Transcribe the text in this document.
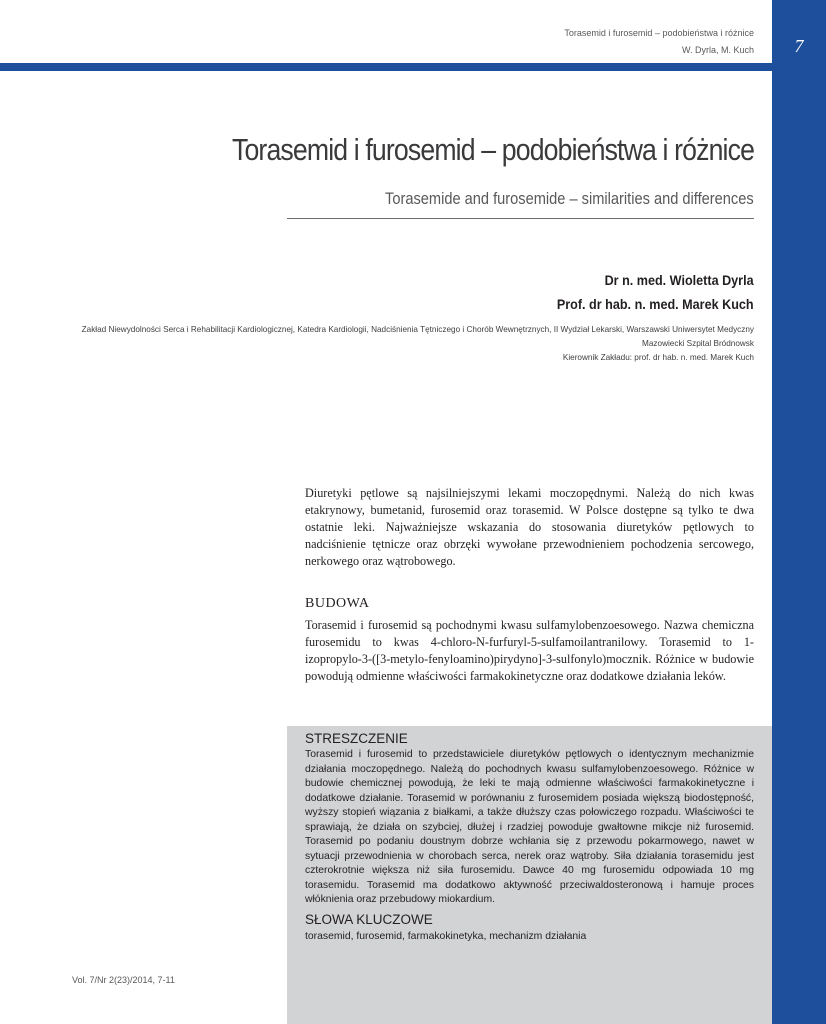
7
Torasemid i furosemid – podobieństwa i różnice
W. Dyrla, M. Kuch
Torasemid i furosemid – podobieństwa i różnice
Torasemide and furosemide – similarities and differences
Dr n. med. Wioletta Dyrla
Prof. dr hab. n. med. Marek Kuch
Zakład Niewydolności Serca i Rehabilitacji Kardiologicznej, Katedra Kardiologii, Nadciśnienia Tętniczego i Chorób Wewnętrznych, II Wydział Lekarski, Warszawski Uniwersytet Medyczny
Mazowiecki Szpital Bródnowsk
Kierownik Zakładu: prof. dr hab. n. med. Marek Kuch

Diuretyki pętlowe są najsilniejszymi lekami moczopędnymi. Należą do nich kwas etakrynowy, bumetanid, furosemid oraz torasemid. W Polsce dostępne są tylko te dwa ostatnie leki. Najważniejsze wskazania do stosowania diuretyków pętlowych to nadciśnienie tętnicze oraz obrzęki wywołane przewodnieniem pochodzenia sercowego, nerkowego oraz wątrobowego.

BUDOWA

Torasemid i furosemid są pochodnymi kwasu sulfamylobenzoesowego. Nazwa chemiczna furosemidu to kwas 4-chloro-N-furfuryl-5-sulfamoilantranilowy. Torasemid to 1-izopropylo-3-([3-metylo-fenyloamino)pirydyno]-3-sulfonylo)mocznik. Różnice w budowie powodują odmienne właściwości farmakokinetyczne oraz dodatkowe działania leków.

STRESZCZENIE

Torasemid i furosemid to przedstawiciele diuretyków pętlowych o identycznym mechanizmie działania moczopędnego. Należą do pochodnych kwasu sulfamylobenzoesowego. Różnice w budowie chemicznej powodują, że leki te mają odmienne właściwości farmakokinetyczne i dodatkowe działanie. Torasemid w porównaniu z furosemidem posiada większą biodostępność, wyższy stopień wiązania z białkami, a także dłuższy czas połowiczego rozpadu. Właściwości te sprawiają, że działa on szybciej, dłużej i rzadziej powoduje gwałtowne mikcje niż furosemid. Torasemid po podaniu doustnym dobrze wchłania się z przewodu pokarmowego, nawet w sytuacji przewodnienia w chorobach serca, nerek oraz wątroby. Siła działania torasemidu jest czterokrotnie większa niż siła furosemidu. Dawce 40 mg furosemidu odpowiada 10 mg torasemidu. Torasemid ma dodatkowo aktywność przeciwaldosteronową i hamuje proces włóknienia oraz przebudowy miokardium.

SŁOWA KLUCZOWE
torasemid, furosemid, farmakokinetyka, mechanizm działania
Vol. 7/Nr 2(23)/2014, 7-11
